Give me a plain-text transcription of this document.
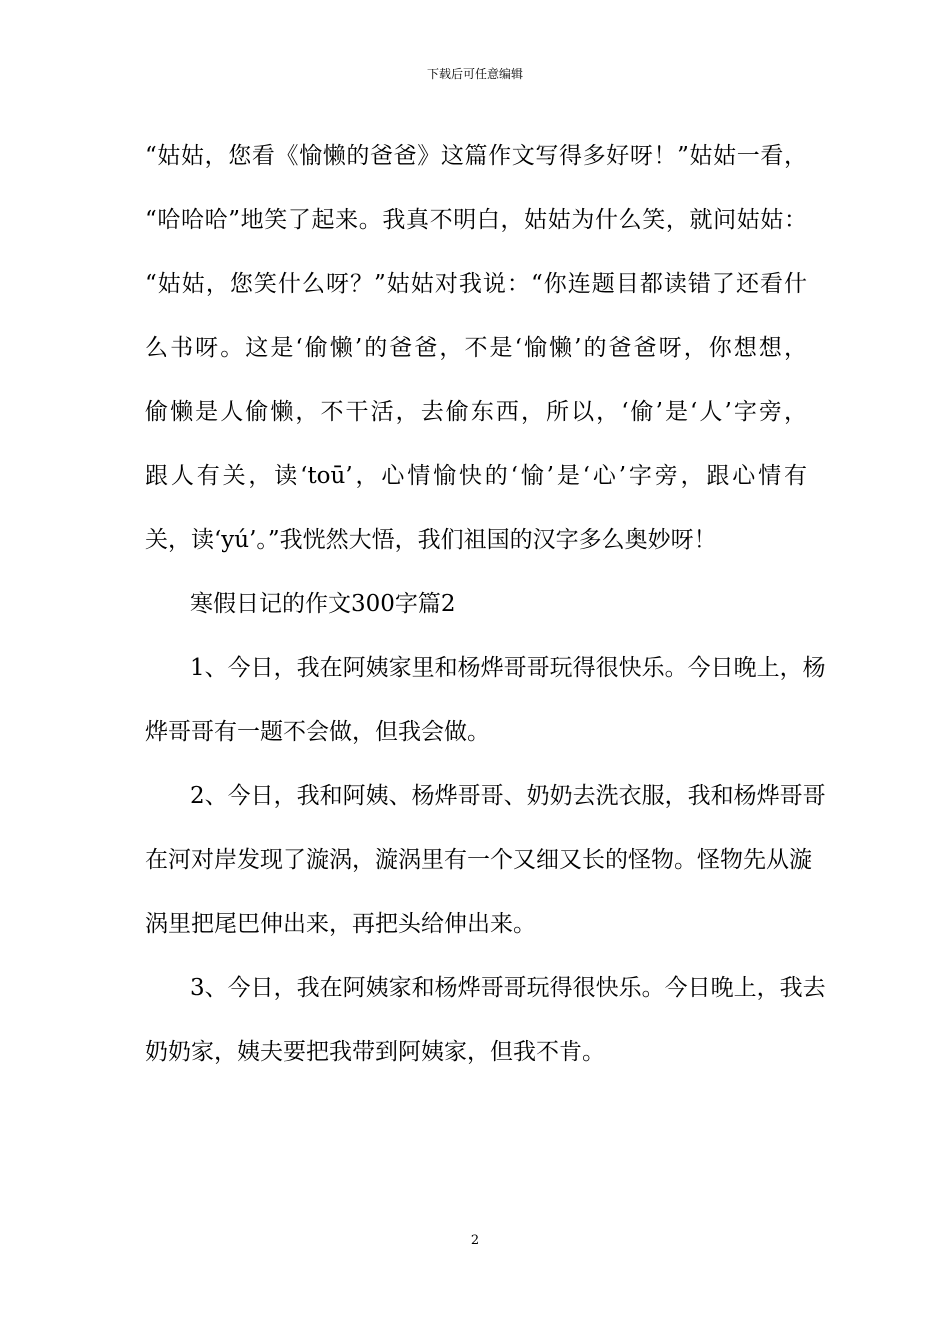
下载后可任意编辑
“姑姑，您看《愉懒的爸爸》这篇作文写得多好呀！”姑姑一看，
“哈哈哈”地笑了起来。我真不明白，姑姑为什么笑，就问姑姑：
“姑姑，您笑什么呀？”姑姑对我说：“你连题目都读错了还看什
么书呀。这是‘偷懒’的爸爸，不是‘愉懒’的爸爸呀，你想想，
偷懒是人偷懒，不干活，去偷东西，所以，‘偷’是‘人’字旁，
跟人有关，读‘toū’，心情愉快的‘愉’是‘心’字旁，跟心情有
关，读‘yú’。”我恍然大悟，我们祖国的汉字多么奥妙呀！
寒假日记的作文300字篇2
1、今日，我在阿姨家里和杨烨哥哥玩得很快乐。今日晚上，杨
烨哥哥有一题不会做，但我会做。
2、今日，我和阿姨、杨烨哥哥、奶奶去洗衣服，我和杨烨哥哥
在河对岸发现了漩涡，漩涡里有一个又细又长的怪物。怪物先从漩
涡里把尾巴伸出来，再把头给伸出来。
3、今日，我在阿姨家和杨烨哥哥玩得很快乐。今日晚上，我去
奶奶家，姨夫要把我带到阿姨家，但我不肯。
2
